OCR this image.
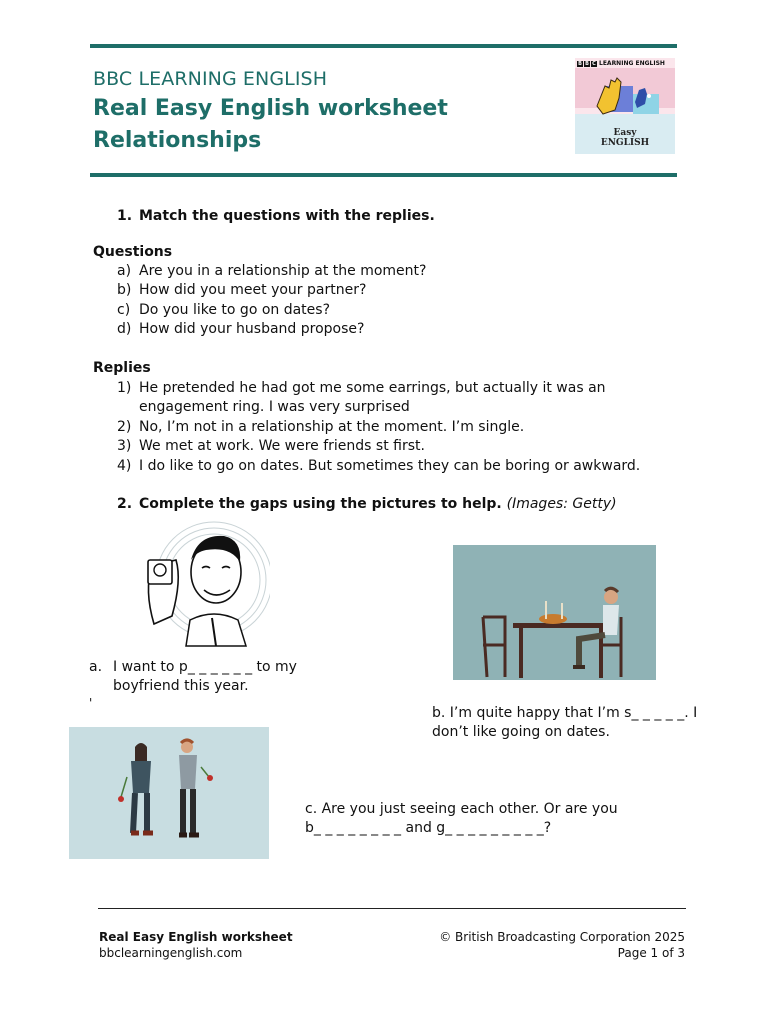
BBC LEARNING ENGLISH
Real Easy English worksheet
Relationships
B B C LEARNING ENGLISH
Easy
ENGLISH
1. Match the questions with the replies.
Questions
a) Are you in a relationship at the moment?
b) How did you meet your partner?
c) Do you like to go on dates?
d) How did your husband propose?
Replies
1) He pretended he had got me some earrings, but actually it was an engagement ring. I was very surprised
2) No, I’m not in a relationship at the moment. I’m single.
3) We met at work. We were friends st first.
4) I do like to go on dates. But sometimes they can be boring or awkward.
2. Complete the gaps using the pictures to help. (Images: Getty)
a. I want to p_ _ _ _ _ _ to my
boyfriend this year.
'
b. I’m quite happy that I’m s_ _ _ _ _. I
don’t like going on dates.
c. Are you just seeing each other. Or are you
b_ _ _ _ _ _ _ _ and g_ _ _ _ _ _ _ _ _?
Real Easy English worksheet
bbclearningenglish.com
© British Broadcasting Corporation 2025
Page 1 of 3
